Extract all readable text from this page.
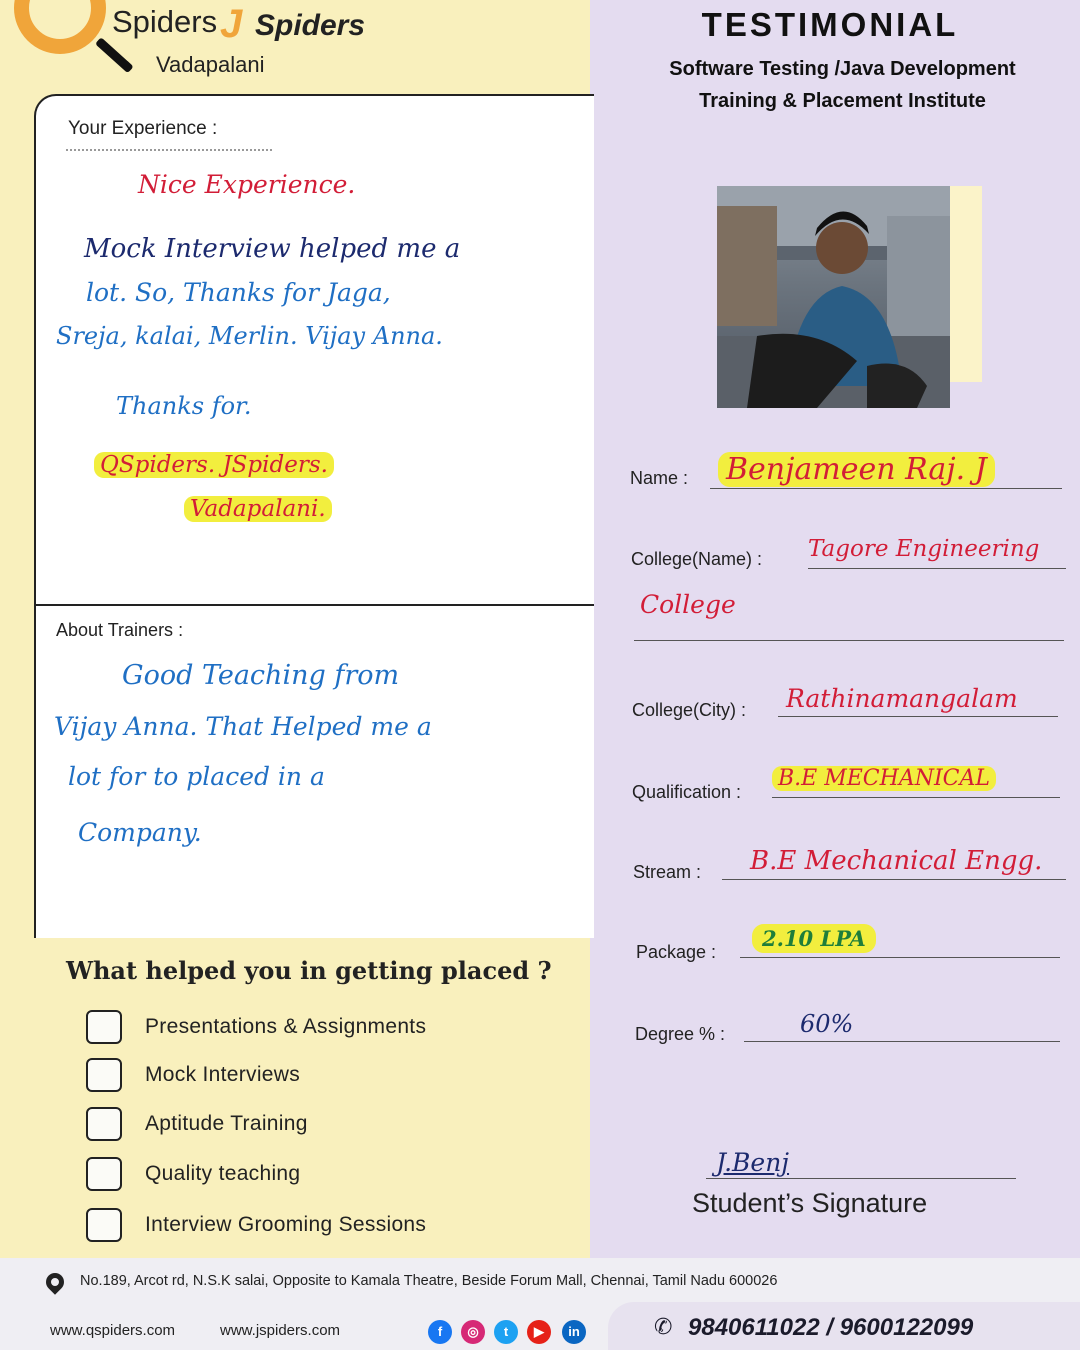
Spiders J Spiders
Vadapalani
TESTIMONIAL
Software Testing /Java Development
Training & Placement Institute
Your Experience :
Nice Experience.
Mock Interview helped me a
lot. So, Thanks for Jaga,
Sreja, kalai, Merlin. Vijay Anna.
Thanks for.
QSpiders. JSpiders.
Vadapalani.
About Trainers :
Good Teaching from
Vijay Anna. That Helped me a
lot for to placed in a
Company.
What helped you in getting placed ?
Presentations & Assignments
Mock Interviews
Aptitude Training
Quality teaching
Interview Grooming Sessions
Name : Benjameen Raj. J
College(Name) : Tagore Engineering
College
College(City) : Rathinamangalam
Qualification :
B.E MECHANICAL
Stream : B.E Mechanical Engg.
Package :
2.10 LPA
Degree % :	60%
J.Benj
Student’s Signature
No.189, Arcot rd, N.S.K salai, Opposite to Kamala Theatre, Beside Forum Mall, Chennai, Tamil Nadu 600026
www.qspiders.com	www.jspiders.com	f	◎	t	▶	in	✆ 9840611022 / 9600122099
